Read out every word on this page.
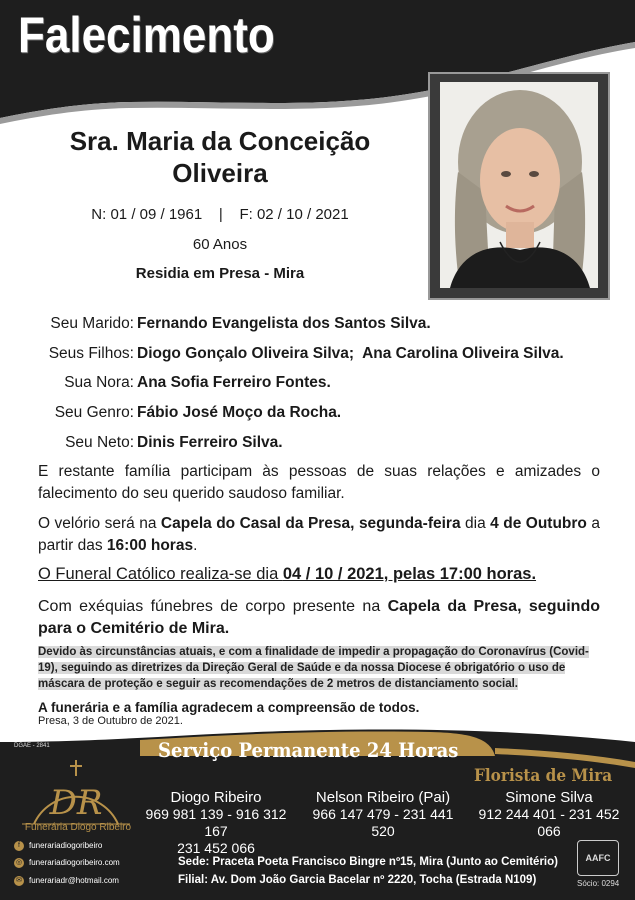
Falecimento
Sra. Maria da Conceição
Oliveira
N: 01 / 09 / 1961    |    F: 02 / 10 / 2021
60 Anos
Residia em Presa - Mira
Seu Marido: Fernando Evangelista dos Santos Silva.
Seus Filhos: Diogo Gonçalo Oliveira Silva;  Ana Carolina Oliveira Silva.
Sua Nora: Ana Sofia Ferreiro Fontes.
Seu Genro: Fábio José Moço da Rocha.
Seu Neto: Dinis Ferreiro Silva.
E restante família participam às pessoas de suas relações e amizades o falecimento do seu querido saudoso familiar.
O velório será na Capela do Casal da Presa, segunda-feira dia 4 de Outubro a partir das 16:00 horas.
O Funeral Católico realiza-se dia 04 / 10 / 2021, pelas 17:00 horas.
Com exéquias fúnebres de corpo presente na Capela da Presa, seguindo para o Cemitério de Mira.
Devido às circunstâncias atuais, e com a finalidade de impedir a propagação do Coronavírus (Covid-19), seguindo as diretrizes da Direção Geral de Saúde e da nossa Diocese é obrigatório o uso de máscara de proteção e seguir as recomendações de 2 metros de distanciamento social.
A funerária e a família agradecem a compreensão de todos.
Presa, 3 de Outubro de 2021.
DGAE - 2841	Serviço Permanente 24 Horas
Florista de Mira
DR
Funerária Diogo Ribeiro
Diogo Ribeiro
969 981 139 - 916 312 167
231 452 066
Nelson Ribeiro (Pai)
966 147 479 - 231 441 520
Simone Silva
912 244 401 - 231 452 066
f funerariadiogoribeiro
◎ funerariadiogoribeiro.com
✉ funerariadr@hotmail.com
Sede: Praceta Poeta Francisco Bingre nº15, Mira (Junto ao Cemitério)
Filial: Av. Dom João Garcia Bacelar nº 2220, Tocha (Estrada N109)
AAFC
Sócio: 0294
